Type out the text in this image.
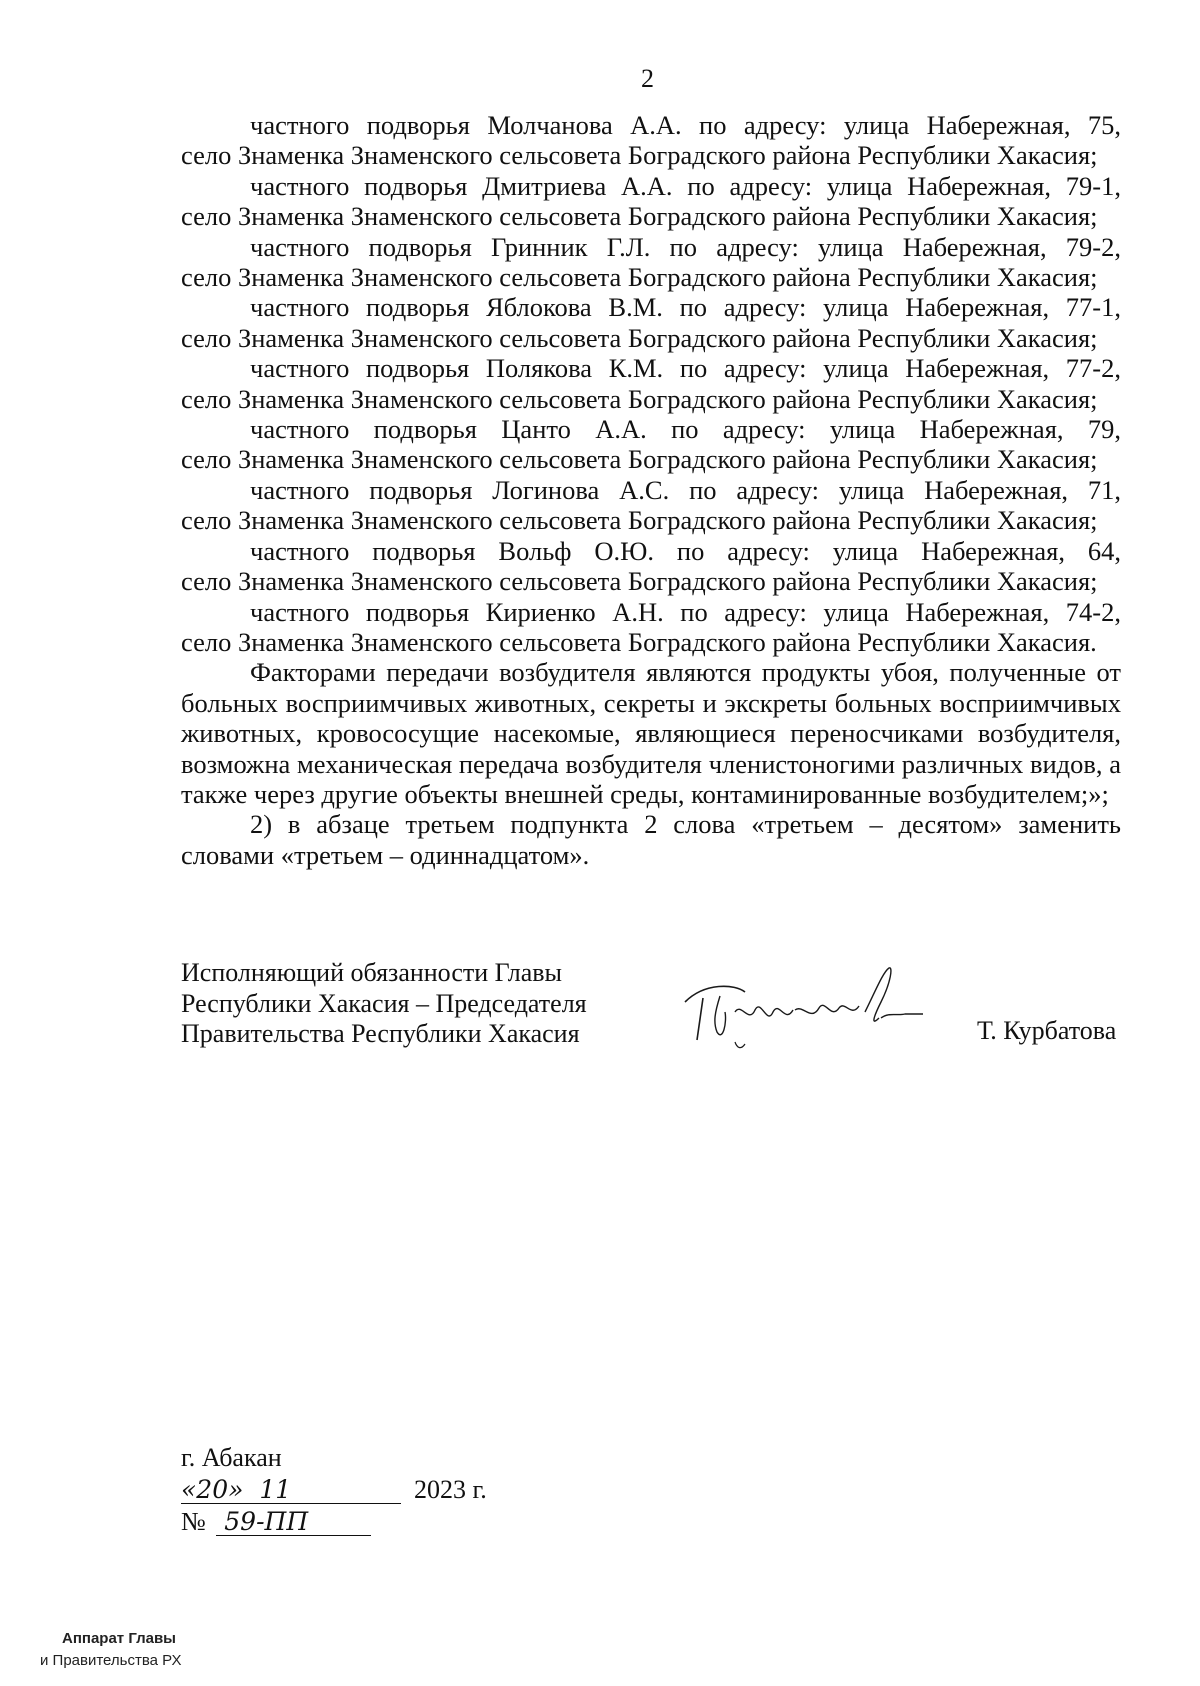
2

частного подворья Молчанова А.А. по адресу: улица Набережная, 75,
село Знаменка Знаменского сельсовета Боградского района Республики Хакасия;

частного подворья Дмитриева А.А. по адресу: улица Набережная, 79-1,
село Знаменка Знаменского сельсовета Боградского района Республики Хакасия;

частного подворья Гринник Г.Л. по адресу: улица Набережная, 79-2,
село Знаменка Знаменского сельсовета Боградского района Республики Хакасия;

частного подворья Яблокова В.М. по адресу: улица Набережная, 77-1,
село Знаменка Знаменского сельсовета Боградского района Республики Хакасия;

частного подворья Полякова К.М. по адресу: улица Набережная, 77-2,
село Знаменка Знаменского сельсовета Боградского района Республики Хакасия;

частного подворья Цанто А.А. по адресу: улица Набережная, 79,
село Знаменка Знаменского сельсовета Боградского района Республики Хакасия;

частного подворья Логинова А.С. по адресу: улица Набережная, 71,
село Знаменка Знаменского сельсовета Боградского района Республики Хакасия;

частного подворья Вольф О.Ю. по адресу: улица Набережная, 64,
село Знаменка Знаменского сельсовета Боградского района Республики Хакасия;

частного подворья Кириенко А.Н. по адресу: улица Набережная, 74-2,
село Знаменка Знаменского сельсовета Боградского района Республики Хакасия.

Факторами передачи возбудителя являются продукты убоя, полученные от больных восприимчивых животных, секреты и экскреты больных восприимчивых животных, кровососущие насекомые, являющиеся переносчиками возбудителя, возможна механическая передача возбудителя членистоногими различных видов, а также через другие объекты внешней среды, контаминированные возбудителем;»;

2) в абзаце третьем подпункта 2 слова «третьем – десятом» заменить словами «третьем – одиннадцатом».

Исполняющий обязанности Главы
Республики Хакасия – Председателя
Правительства Республики Хакасия
Курбатова
Т. Курбатова
г. Абакан
«20» 11	2023 г.
№ 59-ПП
Аппарат Главы
и Правительства РХ
